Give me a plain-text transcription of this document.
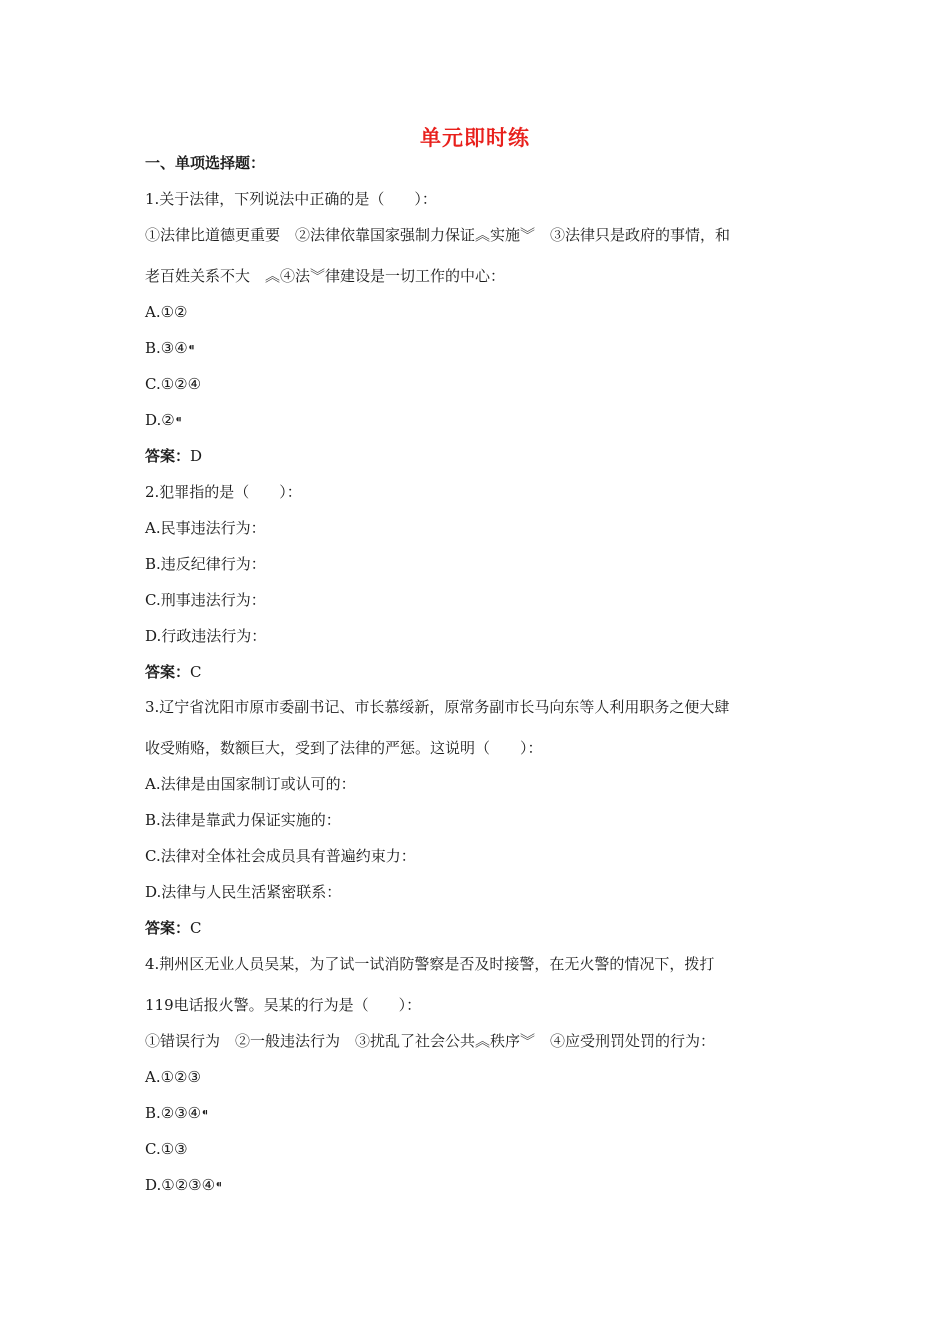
单元即时练
一、单项选择题：
1.关于法律，下列说法中正确的是（　　）：
①法律比道德更重要　②法律依靠国家强制力保证︽实施︾　③法律只是政府的事情，和
老百姓关系不大　︽④法︾律建设是一切工作的中心：
A.①②
B.③④⁌
C.①②④
D.②⁌
答案：D
2.犯罪指的是（　　）：
A.民事违法行为：
B.违反纪律行为：
C.刑事违法行为：
D.行政违法行为：
答案：C
3.辽宁省沈阳市原市委副书记、市长慕绥新，原常务副市长马向东等人利用职务之便大肆
收受贿赂，数额巨大，受到了法律的严惩。这说明（　　）：
A.法律是由国家制订或认可的：
B.法律是靠武力保证实施的：
C.法律对全体社会成员具有普遍约束力：
D.法律与人民生活紧密联系：
答案：C
4.荆州区无业人员吴某，为了试一试消防警察是否及时接警，在无火警的情况下，拨打
119电话报火警。吴某的行为是（　　）：
①错误行为　②一般违法行为　③扰乱了社会公共︽秩序︾　④应受刑罚处罚的行为：
A.①②③
B.②③④⁌
C.①③
D.①②③④⁌
